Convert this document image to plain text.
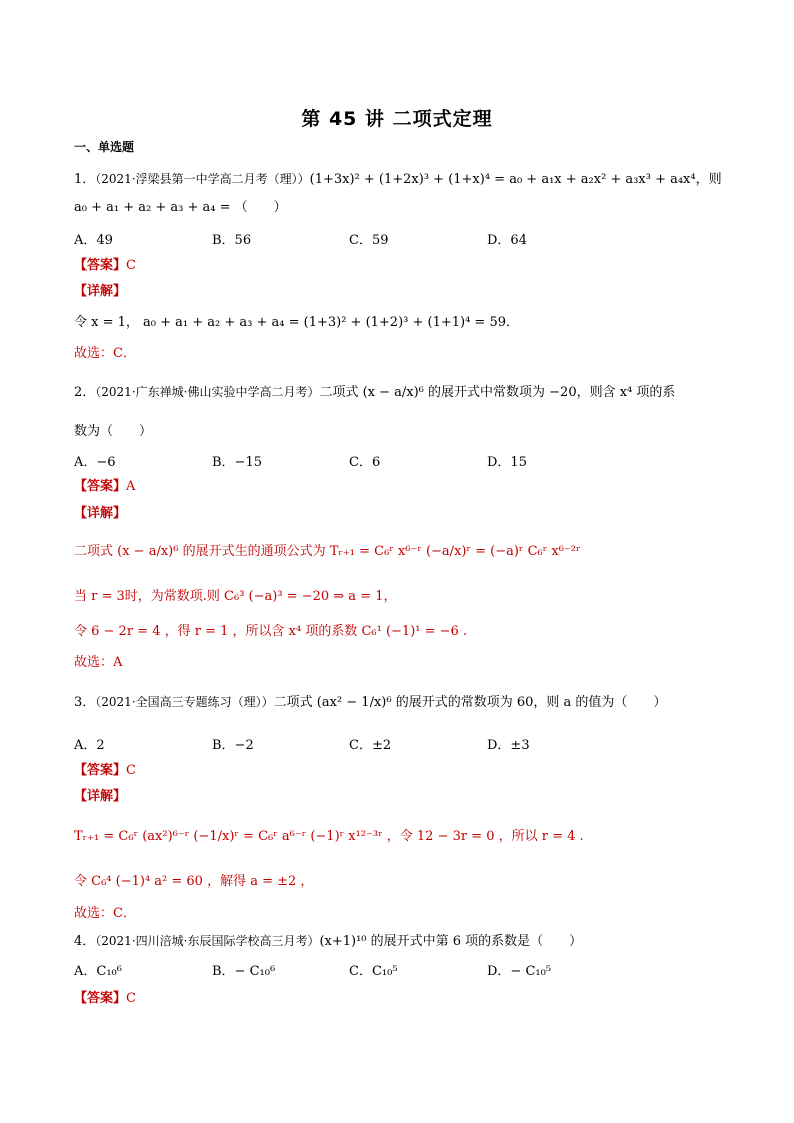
第 45 讲 二项式定理
一、单选题
1．（2021·浮梁县第一中学高二月考（理））(1+3x)² + (1+2x)³ + (1+x)⁴ = a₀ + a₁x + a₂x² + a₃x³ + a₄x⁴，则
a₀ + a₁ + a₂ + a₃ + a₄ = （　　）
A．49	B．56	C．59	D．64
【答案】C
【详解】
令 x = 1， a₀ + a₁ + a₂ + a₃ + a₄ = (1+3)² + (1+2)³ + (1+1)⁴ = 59．
故选：C．
2．（2021·广东禅城·佛山实验中学高二月考）二项式 (x − a/x)⁶ 的展开式中常数项为 −20，则含 x⁴ 项的系
数为（　　）
A．−6	B．−15	C．6	D．15
【答案】A
【详解】
二项式 (x − a/x)⁶ 的展开式生的通项公式为 Tᵣ₊₁ = C₆ʳ x⁶⁻ʳ (−a/x)ʳ = (−a)ʳ C₆ʳ x⁶⁻²ʳ
当 r = 3时，为常数项.则 C₆³ (−a)³ = −20 ⇒ a = 1，
令 6 − 2r = 4 ，得 r = 1 ，所以含 x⁴ 项的系数 C₆¹ (−1)¹ = −6 .
故选：A
3．（2021·全国高三专题练习（理））二项式 (ax² − 1/x)⁶ 的展开式的常数项为 60，则 a 的值为（　　）
A．2	B．−2	C．±2	D．±3
【答案】C
【详解】
Tᵣ₊₁ = C₆ʳ (ax²)⁶⁻ʳ (−1/x)ʳ = C₆ʳ a⁶⁻ʳ (−1)ʳ x¹²⁻³ʳ ，令 12 − 3r = 0 ，所以 r = 4 .
令 C₆⁴ (−1)⁴ a² = 60 ，解得 a = ±2 ，
故选：C．
4．（2021·四川涪城·东辰国际学校高三月考）(x+1)¹⁰ 的展开式中第 6 项的系数是（　　）
A．C₁₀⁶	B．− C₁₀⁶	C．C₁₀⁵	D．− C₁₀⁵
【答案】C
